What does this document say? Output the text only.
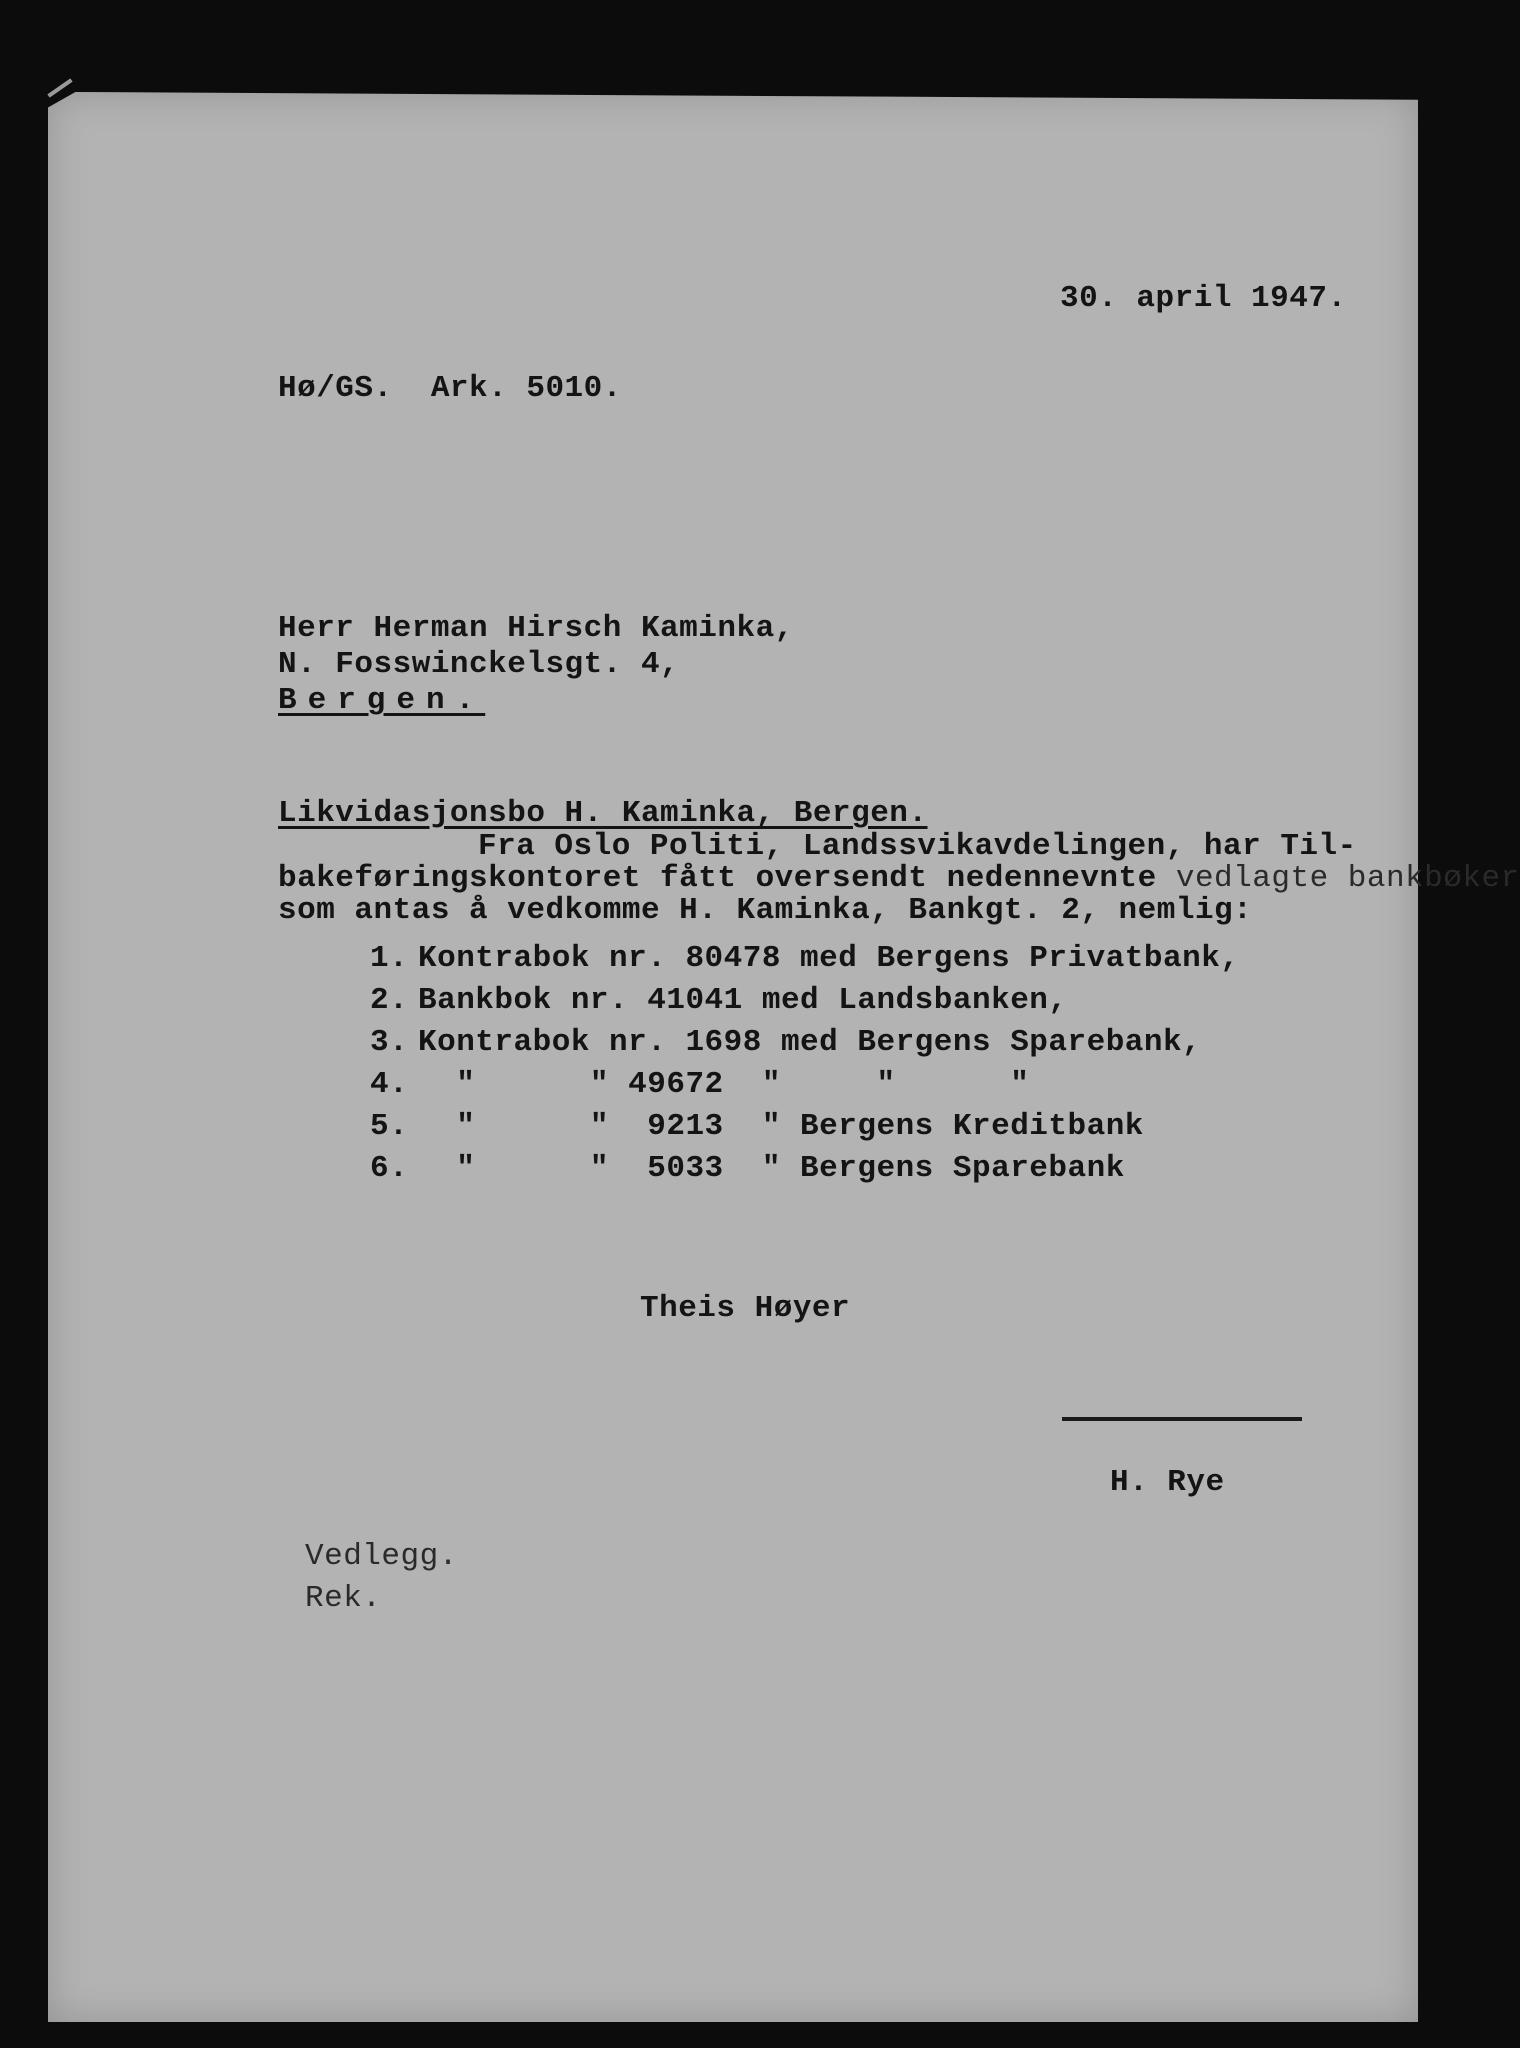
30. april 1947.
Hø/GS.  Ark. 5010.
Herr Herman Hirsch Kaminka,
N. Fosswinckelsgt. 4,
Bergen.
Likvidasjonsbo H. Kaminka, Bergen.
Fra Oslo Politi, Landssvikavdelingen, har Til-
bakeføringskontoret fått oversendt nedennevnte vedlagte bankbøker
som antas å vedkomme H. Kaminka, Bankgt. 2, nemlig:
1. Kontrabok nr. 80478 med Bergens Privatbank,
2. Bankbok nr. 41041 med Landsbanken,
3. Kontrabok nr. 1698 med Bergens Sparebank,
4. "      " 49672  "     "      "
5. "      "  9213  " Bergens Kreditbank
6. "      "  5033  " Bergens Sparebank
Theis Høyer
H. Rye
Vedlegg.
Rek.
